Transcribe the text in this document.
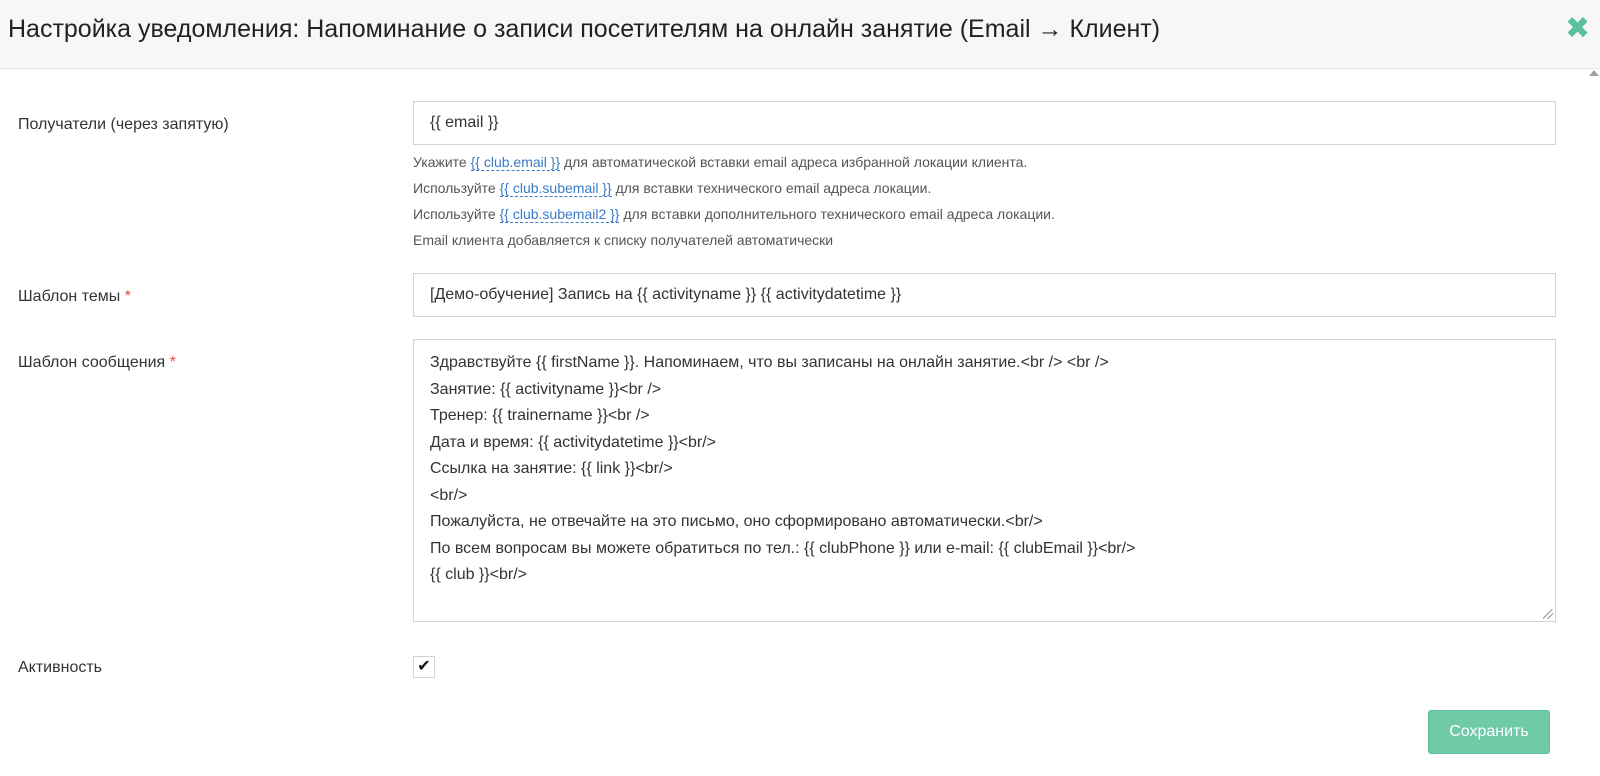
Настройка уведомления: Напоминание о записи посетителям на онлайн занятие (Email → Клиент)	✖
Получатели (через запятую)	{{ email }}
Укажите {{ club.email }} для автоматической вставки email адреса избранной локации клиента.
Используйте {{ club.subemail }} для вставки технического email адреса локации.
Используйте {{ club.subemail2 }} для вставки дополнительного технического email адреса локации.
Email клиента добавляется к списку получателей автоматически
Шаблон темы *	[Демо-обучение] Запись на {{ activityname }} {{ activitydatetime }}
Шаблон сообщения *	Здравствуйте {{ firstName }}. Напоминаем, что вы записаны на онлайн занятие.<br /> <br />
Занятие: {{ activityname }}<br />
Тренер: {{ trainername }}<br />
Дата и время: {{ activitydatetime }}<br/>
Ссылка на занятие: {{ link }}<br/>
<br/>
Пожалуйста, не отвечайте на это письмо, оно сформировано автоматически.<br/>
По всем вопросам вы можете обратиться по тел.: {{ clubPhone }} или e-mail: {{ clubEmail }}<br/>
{{ club }}<br/>
Активность	✔
Сохранить
